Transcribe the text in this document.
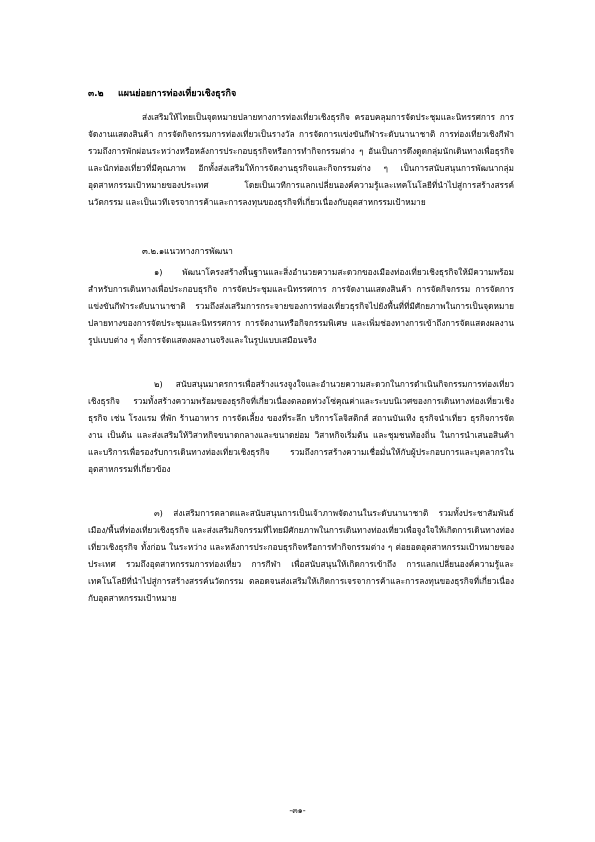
๓.๒ แผนย่อยการท่องเที่ยวเชิงธุรกิจ

ส่งเสริมให้ไทยเป็นจุดหมายปลายทางการท่องเที่ยวเชิงธุรกิจ ครอบคลุมการจัดประชุมและนิทรรศการ การจัดงานแสดงสินค้า การจัดกิจกรรมการท่องเที่ยวเป็นรางวัล การจัดการแข่งขันกีฬาระดับนานาชาติ การท่องเที่ยวเชิงกีฬา รวมถึงการพักผ่อนระหว่างหรือหลังการประกอบธุรกิจหรือการทำกิจกรรมต่าง ๆ อันเป็นการดึงดูดกลุ่มนักเดินทางเพื่อธุรกิจและนักท่องเที่ยวที่มีคุณภาพ อีกทั้งส่งเสริมให้การจัดงานธุรกิจและกิจกรรมต่าง ๆ เป็นการสนับสนุนการพัฒนากลุ่มอุตสาหกรรมเป้าหมายของประเทศ โดยเป็นเวทีการแลกเปลี่ยนองค์ความรู้และเทคโนโลยีที่นำไปสู่การสร้างสรรค์นวัตกรรม และเป็นเวทีเจรจาการค้าและการลงทุนของธุรกิจที่เกี่ยวเนื่องกับอุตสาหกรรมเป้าหมาย

๓.๒.๑แนวทางการพัฒนา

๑) พัฒนาโครงสร้างพื้นฐานและสิ่งอำนวยความสะดวกของเมืองท่องเที่ยวเชิงธุรกิจให้มีความพร้อมสำหรับการเดินทางเพื่อประกอบธุรกิจ การจัดประชุมและนิทรรศการ การจัดงานแสดงสินค้า การจัดกิจกรรม การจัดการแข่งขันกีฬาระดับนานาชาติ รวมถึงส่งเสริมการกระจายของการท่องเที่ยวธุรกิจไปยังพื้นที่ที่มีศักยภาพในการเป็นจุดหมายปลายทางของการจัดประชุมและนิทรรศการ การจัดงานหรือกิจกรรมพิเศษ และเพิ่มช่องทางการเข้าถึงการจัดแสดงผลงานรูปแบบต่าง ๆ ทั้งการจัดแสดงผลงานจริงและในรูปแบบเสมือนจริง

๒) สนับสนุนมาตรการเพื่อสร้างแรงจูงใจและอำนวยความสะดวกในการดำเนินกิจกรรมการท่องเที่ยวเชิงธุรกิจ รวมทั้งสร้างความพร้อมของธุรกิจที่เกี่ยวเนื่องตลอดห่วงโซ่คุณค่าและระบบนิเวศของการเดินทางท่องเที่ยวเชิงธุรกิจ เช่น โรงแรม ที่พัก ร้านอาหาร การจัดเลี้ยง ของที่ระลึก บริการโลจิสติกส์ สถานบันเทิง ธุรกิจนำเที่ยว ธุรกิจการจัดงาน เป็นต้น และส่งเสริมให้วิสาหกิจขนาดกลางและขนาดย่อม วิสาหกิจเริ่มต้น และชุมชนท้องถิ่น ในการนำเสนอสินค้าและบริการเพื่อรองรับการเดินทางท่องเที่ยวเชิงธุรกิจ รวมถึงการสร้างความเชื่อมั่นให้กับผู้ประกอบการและบุคลากรในอุตสาหกรรมที่เกี่ยวข้อง

๓) ส่งเสริมการตลาดและสนับสนุนการเป็นเจ้าภาพจัดงานในระดับนานาชาติ รวมทั้งประชาสัมพันธ์เมือง/พื้นที่ท่องเที่ยวเชิงธุรกิจ และส่งเสริมกิจกรรมที่ไทยมีศักยภาพในการเดินทางท่องเที่ยวเพื่อจูงใจให้เกิดการเดินทางท่องเที่ยวเชิงธุรกิจ ทั้งก่อน ในระหว่าง และหลังการประกอบธุรกิจหรือการทำกิจกรรมต่าง ๆ ต่อยอดอุตสาหกรรมเป้าหมายของประเทศ รวมถึงอุตสาหกรรมการท่องเที่ยว การกีฬา เพื่อสนับสนุนให้เกิดการเข้าถึง การแลกเปลี่ยนองค์ความรู้และเทคโนโลยีที่นำไปสู่การสร้างสรรค์นวัตกรรม ตลอดจนส่งเสริมให้เกิดการเจรจาการค้าและการลงทุนของธุรกิจที่เกี่ยวเนื่องกับอุตสาหกรรมเป้าหมาย

-๓๑-
